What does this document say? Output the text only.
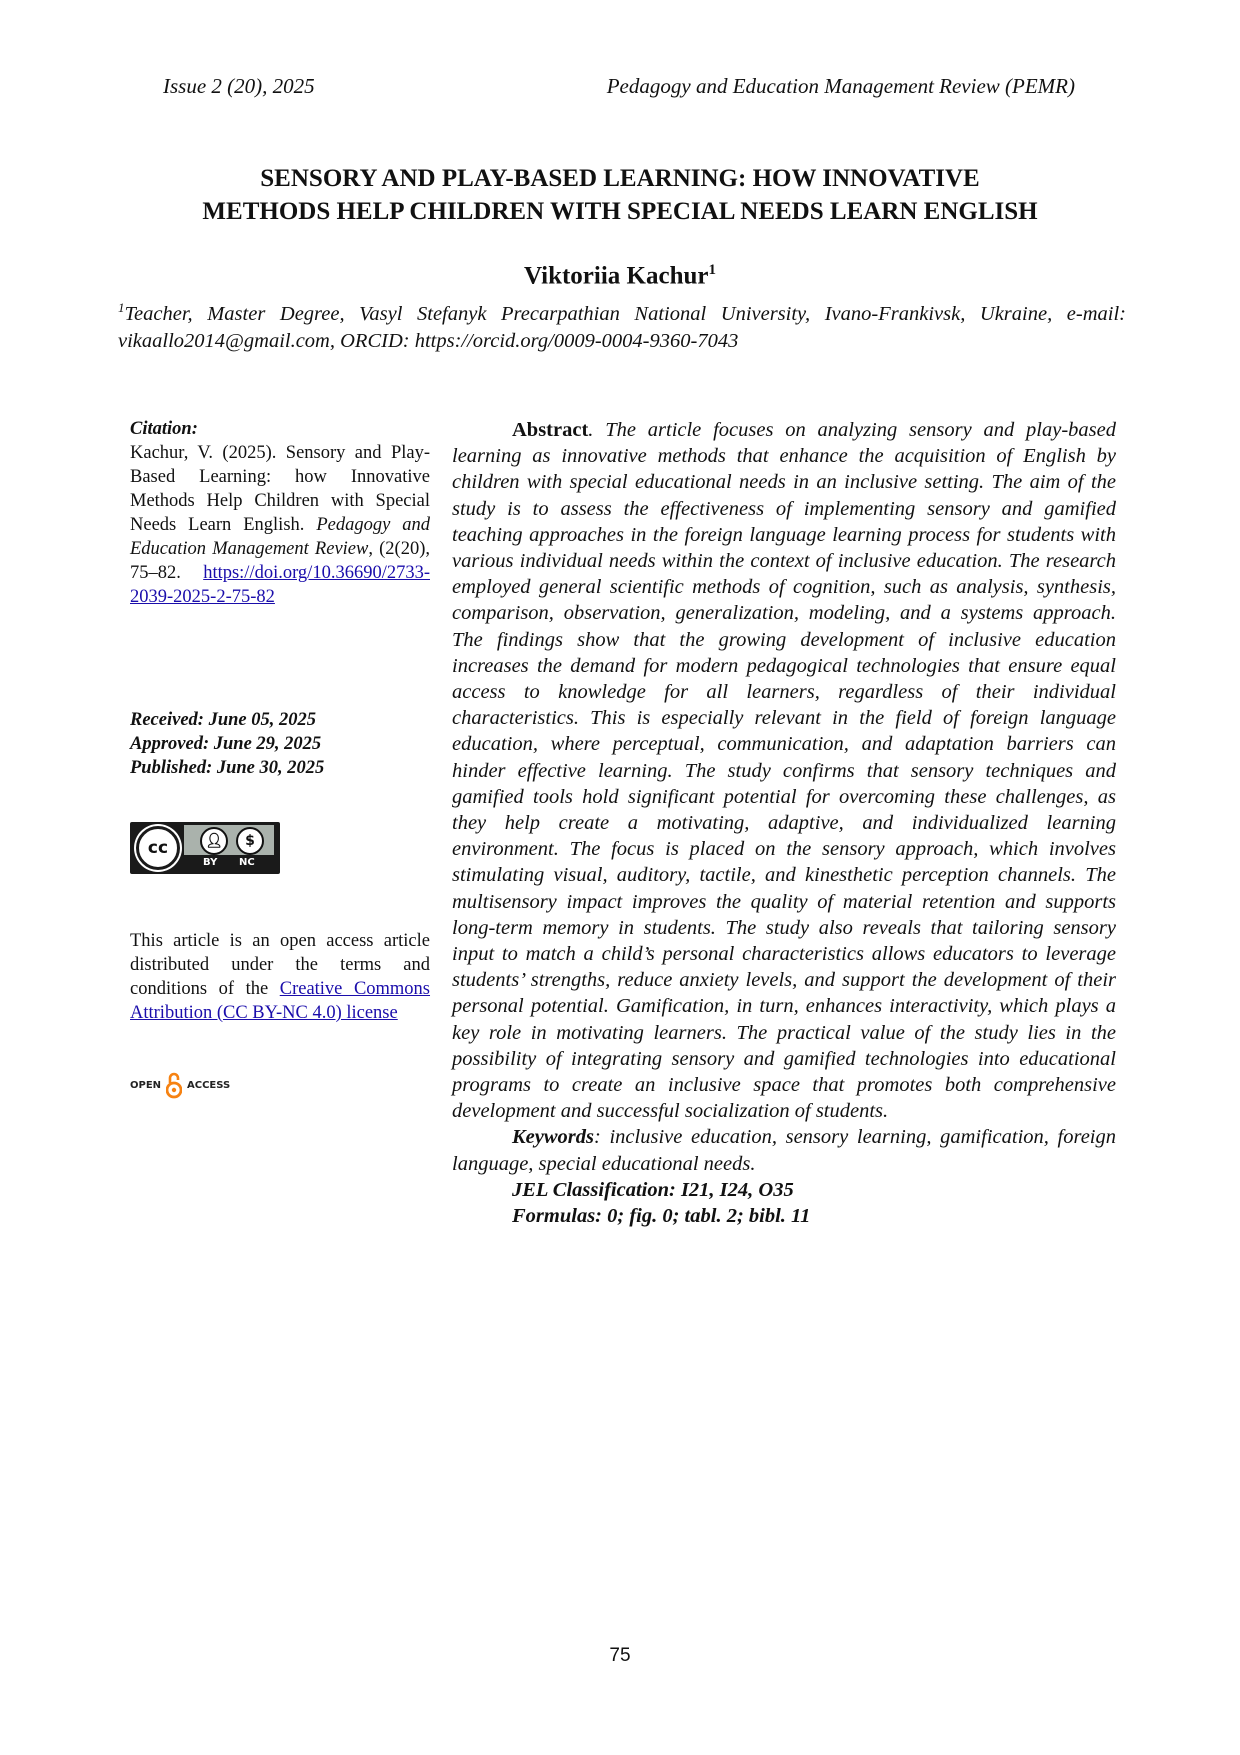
Issue 2 (20), 2025	Pedagogy and Education Management Review (PEMR)
SENSORY AND PLAY-BASED LEARNING: HOW INNOVATIVE
METHODS HELP CHILDREN WITH SPECIAL NEEDS LEARN ENGLISH
Viktoriia Kachur$^1$
$^1$Teacher, Master Degree, Vasyl Stefanyk Precarpathian National University, Ivano-Frankivsk, Ukraine, e-mail: vikaallo2014@gmail.com, ORCID: https://orcid.org/0009-0004-9360-7043
Citation:

Kachur, V. (2025). Sensory and Play-Based Learning: how Innovative Methods Help Children with Special Needs Learn English. Pedagogy and Education Management Review, (2(20), 75–82. https://doi.org/10.36690/2733-2039-2025-2-75-82

Received: June 05, 2025
Approved: June 29, 2025
Published: June 30, 2025
cc	👤︎	$
BY NC
This article is an open access article distributed under the terms and conditions of the Creative Commons Attribution (CC BY-NC 4.0) license
OPEN	ACCESS

Abstract. The article focuses on analyzing sensory and play-based learning as innovative methods that enhance the acquisition of English by children with special educational needs in an inclusive setting. The aim of the study is to assess the effectiveness of implementing sensory and gamified teaching approaches in the foreign language learning process for students with various individual needs within the context of inclusive education. The research employed general scientific methods of cognition, such as analysis, synthesis, comparison, observation, generalization, modeling, and a systems approach. The findings show that the growing development of inclusive education increases the demand for modern pedagogical technologies that ensure equal access to knowledge for all learners, regardless of their individual characteristics. This is especially relevant in the field of foreign language education, where perceptual, communication, and adaptation barriers can hinder effective learning. The study confirms that sensory techniques and gamified tools hold significant potential for overcoming these challenges, as they help create a motivating, adaptive, and individualized learning environment. The focus is placed on the sensory approach, which involves stimulating visual, auditory, tactile, and kinesthetic perception channels. The multisensory impact improves the quality of material retention and supports long-term memory in students. The study also reveals that tailoring sensory input to match a child’s personal characteristics allows educators to leverage students’ strengths, reduce anxiety levels, and support the development of their personal potential. Gamification, in turn, enhances interactivity, which plays a key role in motivating learners. The practical value of the study lies in the possibility of integrating sensory and gamified technologies into educational programs to create an inclusive space that promotes both comprehensive development and successful socialization of students.

Keywords: inclusive education, sensory learning, gamification, foreign language, special educational needs.

JEL Classification: I21, I24, O35

Formulas: 0; fig. 0; tabl. 2; bibl. 11

75
